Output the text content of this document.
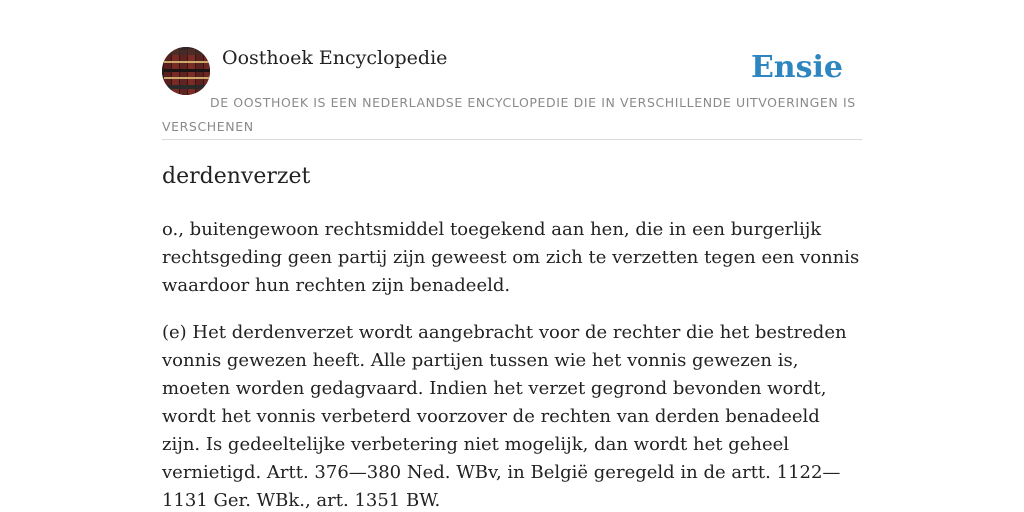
Oosthoek Encyclopedie	Ensie
DE OOSTHOEK IS EEN NEDERLANDSE ENCYCLOPEDIE DIE IN VERSCHILLENDE UITVOERINGEN IS VERSCHENEN
derdenverzet

o., buitengewoon rechtsmiddel toegekend aan hen, die in een burgerlijk rechtsgeding geen partij zijn geweest om zich te verzetten tegen een vonnis waardoor hun rechten zijn benadeeld.

(e) Het derdenverzet wordt aangebracht voor de rechter die het bestreden vonnis gewezen heeft. Alle partijen tussen wie het vonnis gewezen is, moeten worden gedagvaard. Indien het verzet gegrond bevonden wordt, wordt het vonnis verbeterd voorzover de rechten van derden benadeeld zijn. Is gedeeltelijke verbetering niet mogelijk, dan wordt het geheel vernietigd. Artt. 376—380 Ned. WBv, in België geregeld in de artt. 1122—1131 Ger. WBk., art. 1351 BW.
